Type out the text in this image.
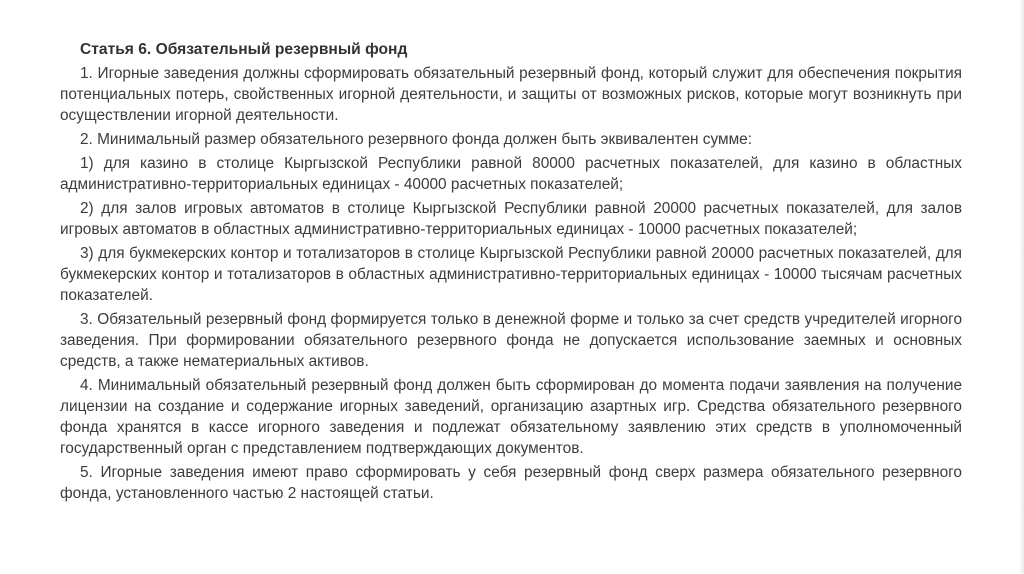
Статья 6. Обязательный резервный фонд

1. Игорные заведения должны сформировать обязательный резервный фонд, который служит для обеспечения покрытия потенциальных потерь, свойственных игорной деятельности, и защиты от возможных рисков, которые могут возникнуть при осуществлении игорной деятельности.

2. Минимальный размер обязательного резервного фонда должен быть эквивалентен сумме:

1) для казино в столице Кыргызской Республики равной 80000 расчетных показателей, для казино в областных административно-территориальных единицах - 40000 расчетных показателей;

2) для залов игровых автоматов в столице Кыргызской Республики равной 20000 расчетных показателей, для залов игровых автоматов в областных административно-территориальных единицах - 10000 расчетных показателей;

3) для букмекерских контор и тотализаторов в столице Кыргызской Республики равной 20000 расчетных показателей, для букмекерских контор и тотализаторов в областных административно-территориальных единицах - 10000 тысячам расчетных показателей.

3. Обязательный резервный фонд формируется только в денежной форме и только за счет средств учредителей игорного заведения. При формировании обязательного резервного фонда не допускается использование заемных и основных средств, а также нематериальных активов.

4. Минимальный обязательный резервный фонд должен быть сформирован до момента подачи заявления на получение лицензии на создание и содержание игорных заведений, организацию азартных игр. Средства обязательного резервного фонда хранятся в кассе игорного заведения и подлежат обязательному заявлению этих средств в уполномоченный государственный орган с представлением подтверждающих документов.

5. Игорные заведения имеют право сформировать у себя резервный фонд сверх размера обязательного резервного фонда, установленного частью 2 настоящей статьи.
